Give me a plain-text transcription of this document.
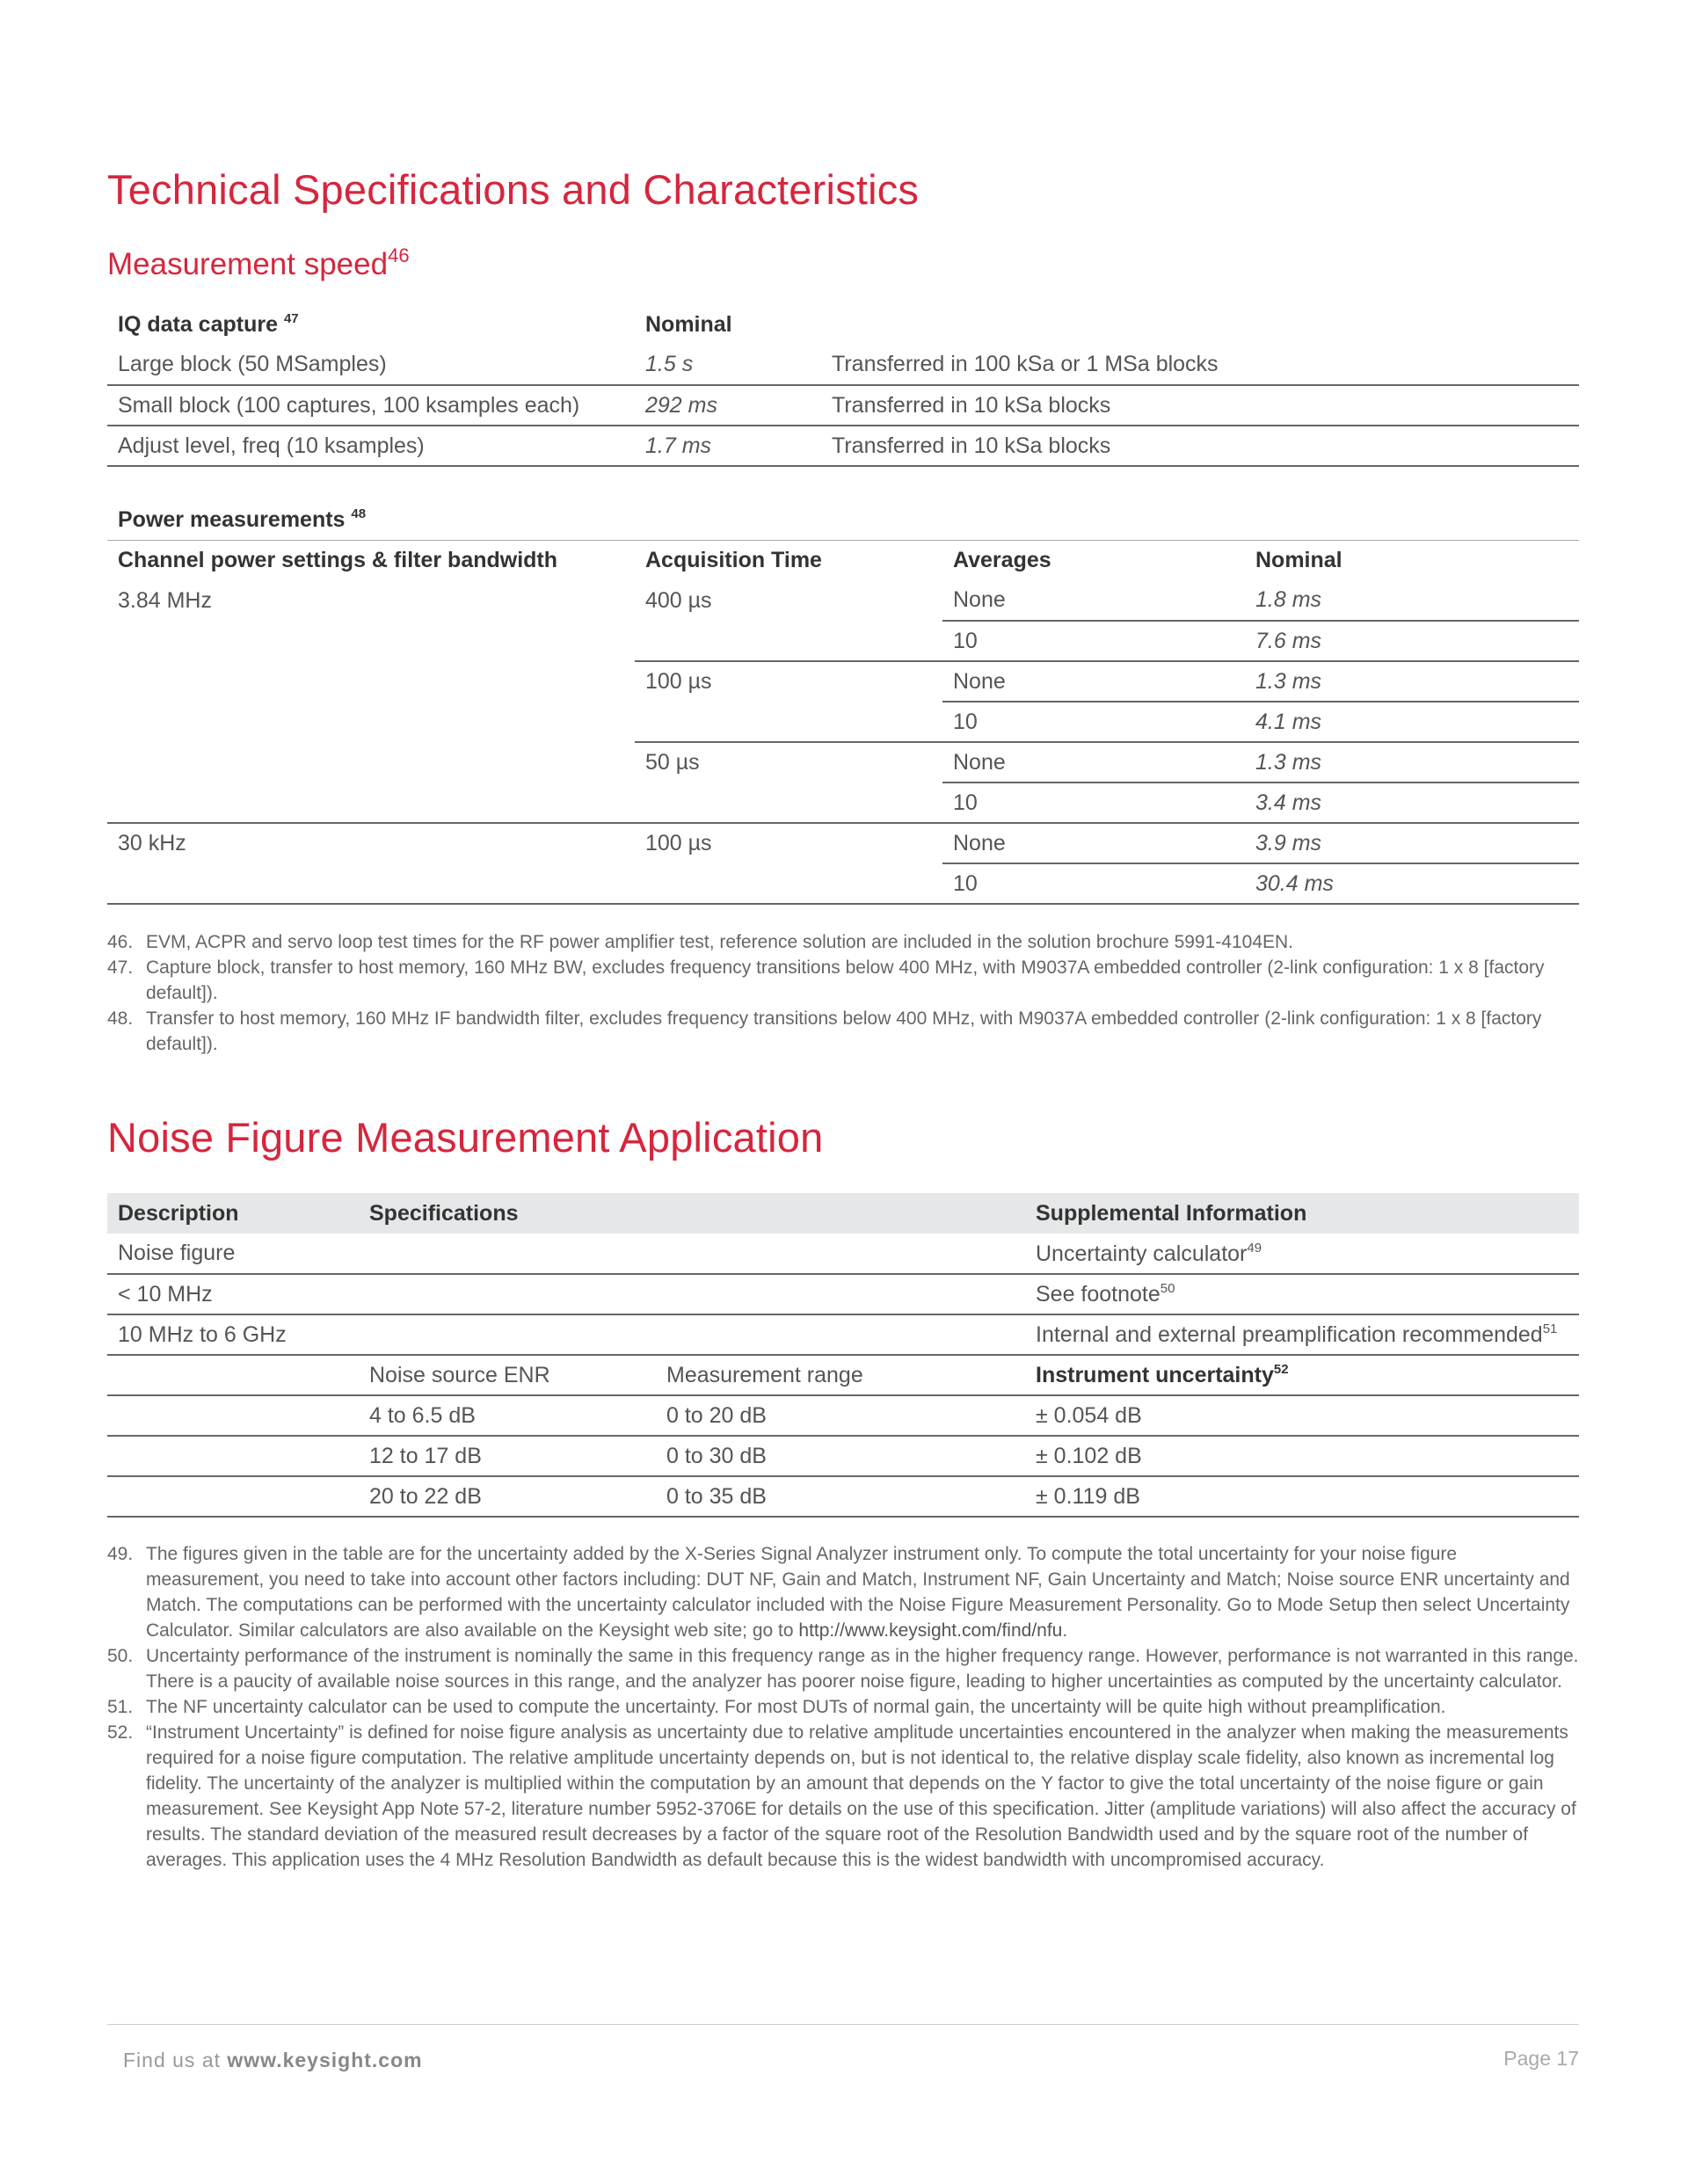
Technical Specifications and Characteristics
Measurement speed$^{46}$
IQ data capture $^{47}$	Nominal	
Large block (50 MSamples)	1.5 s	Transferred in 100 kSa or 1 MSa blocks
Small block (100 captures, 100 ksamples each)	292 ms	Transferred in 10 kSa blocks
Adjust level, freq (10 ksamples)	1.7 ms	Transferred in 10 kSa blocks
Power measurements $^{48}$
Channel power settings & filter bandwidth	Acquisition Time	Averages	Nominal
3.84 MHz	400 µs	None	1.8 ms
		10	7.6 ms
	100 µs	None	1.3 ms
		10	4.1 ms
	50 µs	None	1.3 ms
		10	3.4 ms
30 kHz	100 µs	None	3.9 ms
		10	30.4 ms
46. EVM, ACPR and servo loop test times for the RF power amplifier test, reference solution are included in the solution brochure 5991-4104EN.
47. Capture block, transfer to host memory, 160 MHz BW, excludes frequency transitions below 400 MHz, with M9037A embedded controller (2-link configuration: 1 x 8 [factory default]).
48. Transfer to host memory, 160 MHz IF bandwidth filter, excludes frequency transitions below 400 MHz, with M9037A embedded controller (2-link configuration: 1 x 8 [factory default]).
Noise Figure Measurement Application
Description	Specifications		Supplemental Information
Noise figure			Uncertainty calculator$^{49}$
< 10 MHz			See footnote$^{50}$
10 MHz to 6 GHz			Internal and external preamplification recommended$^{51}$
	Noise source ENR	Measurement range	Instrument uncertainty$^{52}$
	4 to 6.5 dB	0 to 20 dB	± 0.054 dB
	12 to 17 dB	0 to 30 dB	± 0.102 dB
	20 to 22 dB	0 to 35 dB	± 0.119 dB
49. The figures given in the table are for the uncertainty added by the X-Series Signal Analyzer instrument only. To compute the total uncertainty for your noise figure measurement, you need to take into account other factors including: DUT NF, Gain and Match, Instrument NF, Gain Uncertainty and Match; Noise source ENR uncertainty and Match. The computations can be performed with the uncertainty calculator included with the Noise Figure Measurement Personality. Go to Mode Setup then select Uncertainty Calculator. Similar calculators are also available on the Keysight web site; go to http://www.keysight.com/find/nfu.
50. Uncertainty performance of the instrument is nominally the same in this frequency range as in the higher frequency range. However, performance is not warranted in this range. There is a paucity of available noise sources in this range, and the analyzer has poorer noise figure, leading to higher uncertainties as computed by the uncertainty calculator.
51. The NF uncertainty calculator can be used to compute the uncertainty. For most DUTs of normal gain, the uncertainty will be quite high without preamplification.
52. “Instrument Uncertainty” is defined for noise figure analysis as uncertainty due to relative amplitude uncertainties encountered in the analyzer when making the measurements required for a noise figure computation. The relative amplitude uncertainty depends on, but is not identical to, the relative display scale fidelity, also known as incremental log fidelity. The uncertainty of the analyzer is multiplied within the computation by an amount that depends on the Y factor to give the total uncertainty of the noise figure or gain measurement. See Keysight App Note 57-2, literature number 5952-3706E for details on the use of this specification. Jitter (amplitude variations) will also affect the accuracy of results. The standard deviation of the measured result decreases by a factor of the square root of the Resolution Bandwidth used and by the square root of the number of averages. This application uses the 4 MHz Resolution Bandwidth as default because this is the widest bandwidth with uncompromised accuracy.
Find us at www.keysight.com	Page 17
